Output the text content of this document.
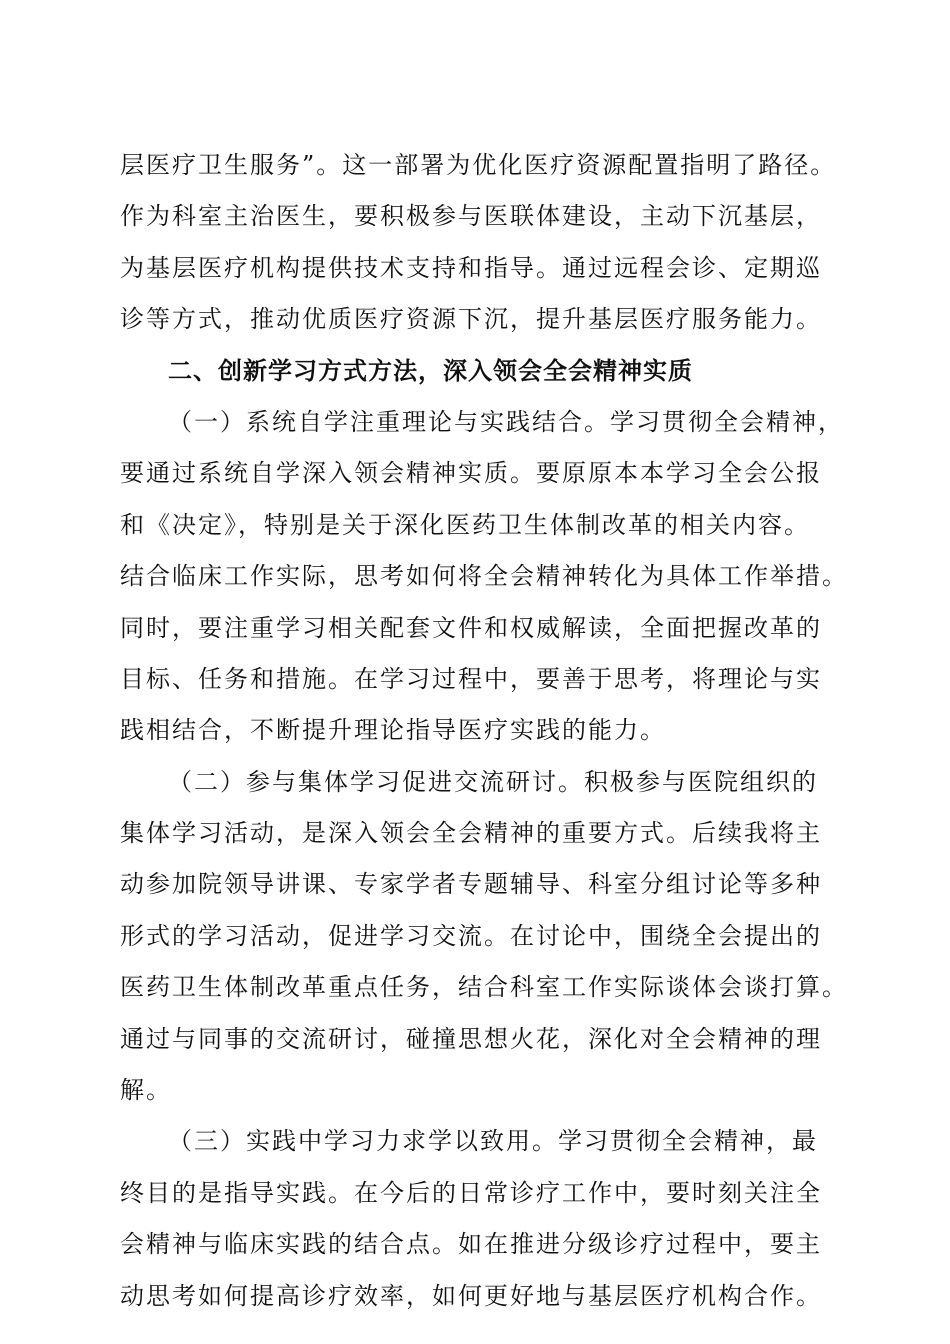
层医疗卫生服务”。这一部署为优化医疗资源配置指明了路径。
作为科室主治医生，要积极参与医联体建设，主动下沉基层，
为基层医疗机构提供技术支持和指导。通过远程会诊、定期巡
诊等方式，推动优质医疗资源下沉，提升基层医疗服务能力。
二、创新学习方式方法，深入领会全会精神实质
（一）系统自学注重理论与实践结合。学习贯彻全会精神，
要通过系统自学深入领会精神实质。要原原本本学习全会公报
和《决定》，特别是关于深化医药卫生体制改革的相关内容。
结合临床工作实际，思考如何将全会精神转化为具体工作举措。
同时，要注重学习相关配套文件和权威解读，全面把握改革的
目标、任务和措施。在学习过程中，要善于思考，将理论与实
践相结合，不断提升理论指导医疗实践的能力。
（二）参与集体学习促进交流研讨。积极参与医院组织的
集体学习活动，是深入领会全会精神的重要方式。后续我将主
动参加院领导讲课、专家学者专题辅导、科室分组讨论等多种
形式的学习活动，促进学习交流。在讨论中，围绕全会提出的
医药卫生体制改革重点任务，结合科室工作实际谈体会谈打算。
通过与同事的交流研讨，碰撞思想火花，深化对全会精神的理
解。
（三）实践中学习力求学以致用。学习贯彻全会精神，最
终目的是指导实践。在今后的日常诊疗工作中，要时刻关注全
会精神与临床实践的结合点。如在推进分级诊疗过程中，要主
动思考如何提高诊疗效率，如何更好地与基层医疗机构合作。
